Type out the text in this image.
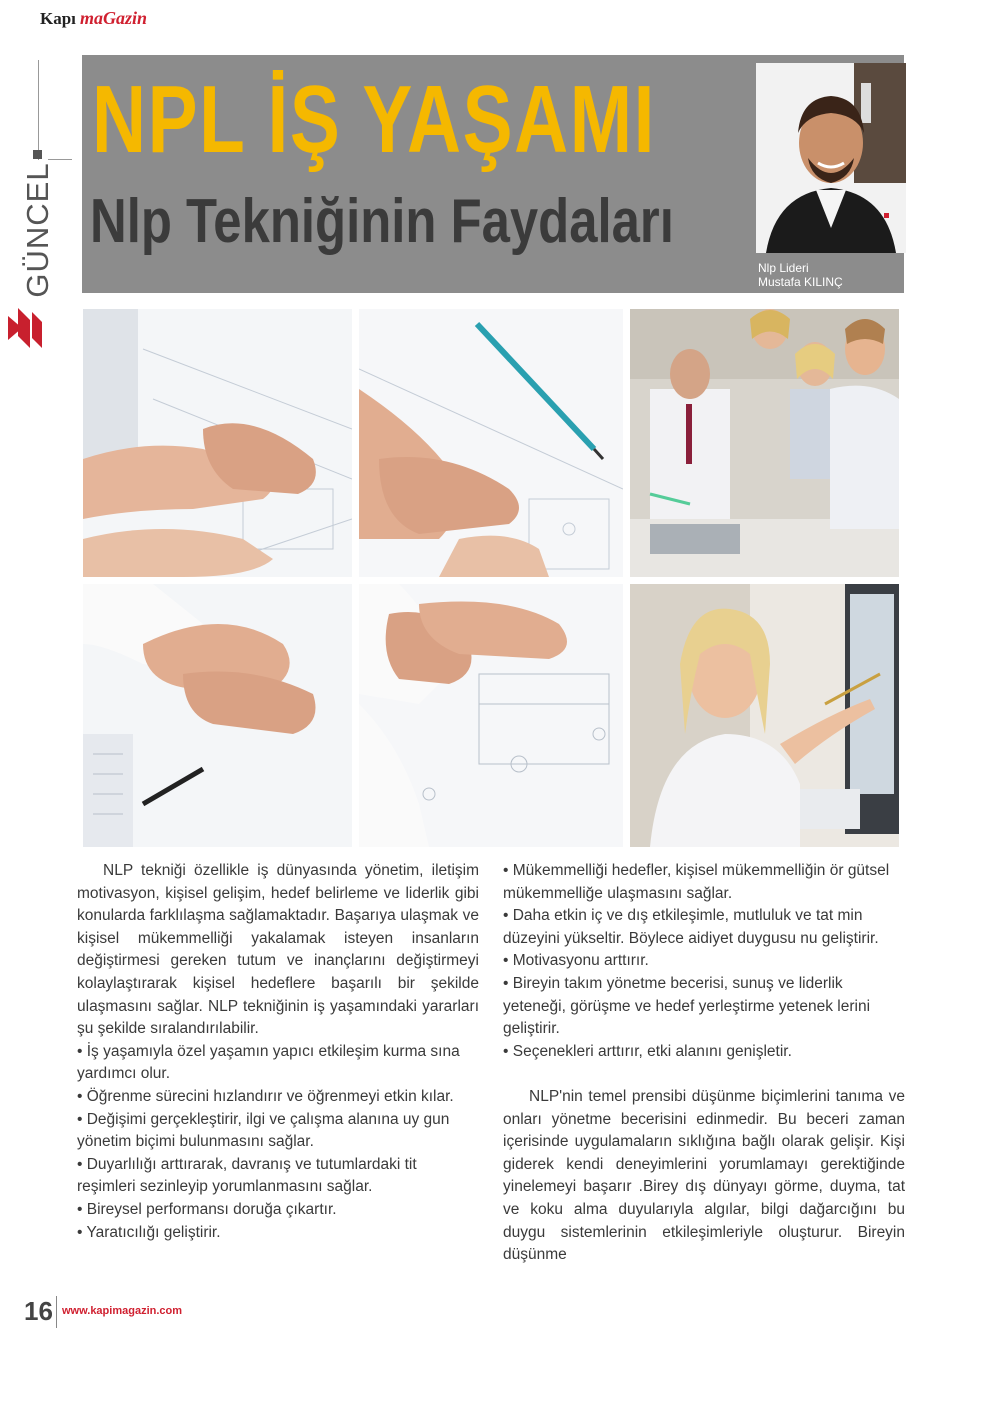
Kapı maGazin
GÜNCEL
NPL İŞ YAŞAMI
Nlp Tekniğinin Faydaları
Nlp Lideri
Mustafa KILINÇ

NLP tekniği özellikle iş dünyasında yönetim, iletişim motivasyon, kişisel gelişim, hedef belirleme ve liderlik gibi konularda farklılaşma sağlamaktadır. Başarıya ulaşmak ve kişisel mükemmelliği yakalamak isteyen insanların değiştirmesi gereken tutum ve inançlarını değiştirmeyi kolaylaştırarak kişisel hedeflere başarılı bir şekilde ulaşmasını sağlar. NLP tekniğinin iş yaşamındaki yararları şu şekilde sıralandırılabilir.

• İş yaşamıyla özel yaşamın yapıcı etkileşim kurma sına yardımcı olur.

• Öğrenme sürecini hızlandırır ve öğrenmeyi etkin kılar.

• Değişimi gerçekleştirir, ilgi ve çalışma alanına uy gun yönetim biçimi bulunmasını sağlar.

• Duyarlılığı arttırarak, davranış ve tutumlardaki tit reşimleri sezinleyip yorumlanmasını sağlar.

• Bireysel performansı doruğa çıkartır.

• Yaratıcılığı geliştirir.

• Mükemmelliği hedefler, kişisel mükemmelliğin ör gütsel mükemmelliğe ulaşmasını sağlar.

• Daha etkin iç ve dış etkileşimle, mutluluk ve tat min düzeyini yükseltir. Böylece aidiyet duygusu nu geliştirir.

• Motivasyonu arttırır.

• Bireyin takım yönetme becerisi, sunuş ve liderlik yeteneği, görüşme ve hedef yerleştirme yetenek lerini geliştirir.

• Seçenekleri arttırır, etki alanını genişletir.

NLP'nin temel prensibi düşünme biçimlerini tanıma ve onları yönetme becerisini edinmedir. Bu beceri zaman içerisinde uygulamaların sıklığına bağlı olarak gelişir. Kişi giderek kendi deneyimlerini yorumlamayı gerektiğinde yinelemeyi başarır .Birey dış dünyayı görme, duyma, tat ve koku alma duyularıyla algılar, bilgi dağarcığını bu duygu sistemlerinin etkileşimleriyle oluşturur. Bireyin düşünme

16 www.kapimagazin.com
